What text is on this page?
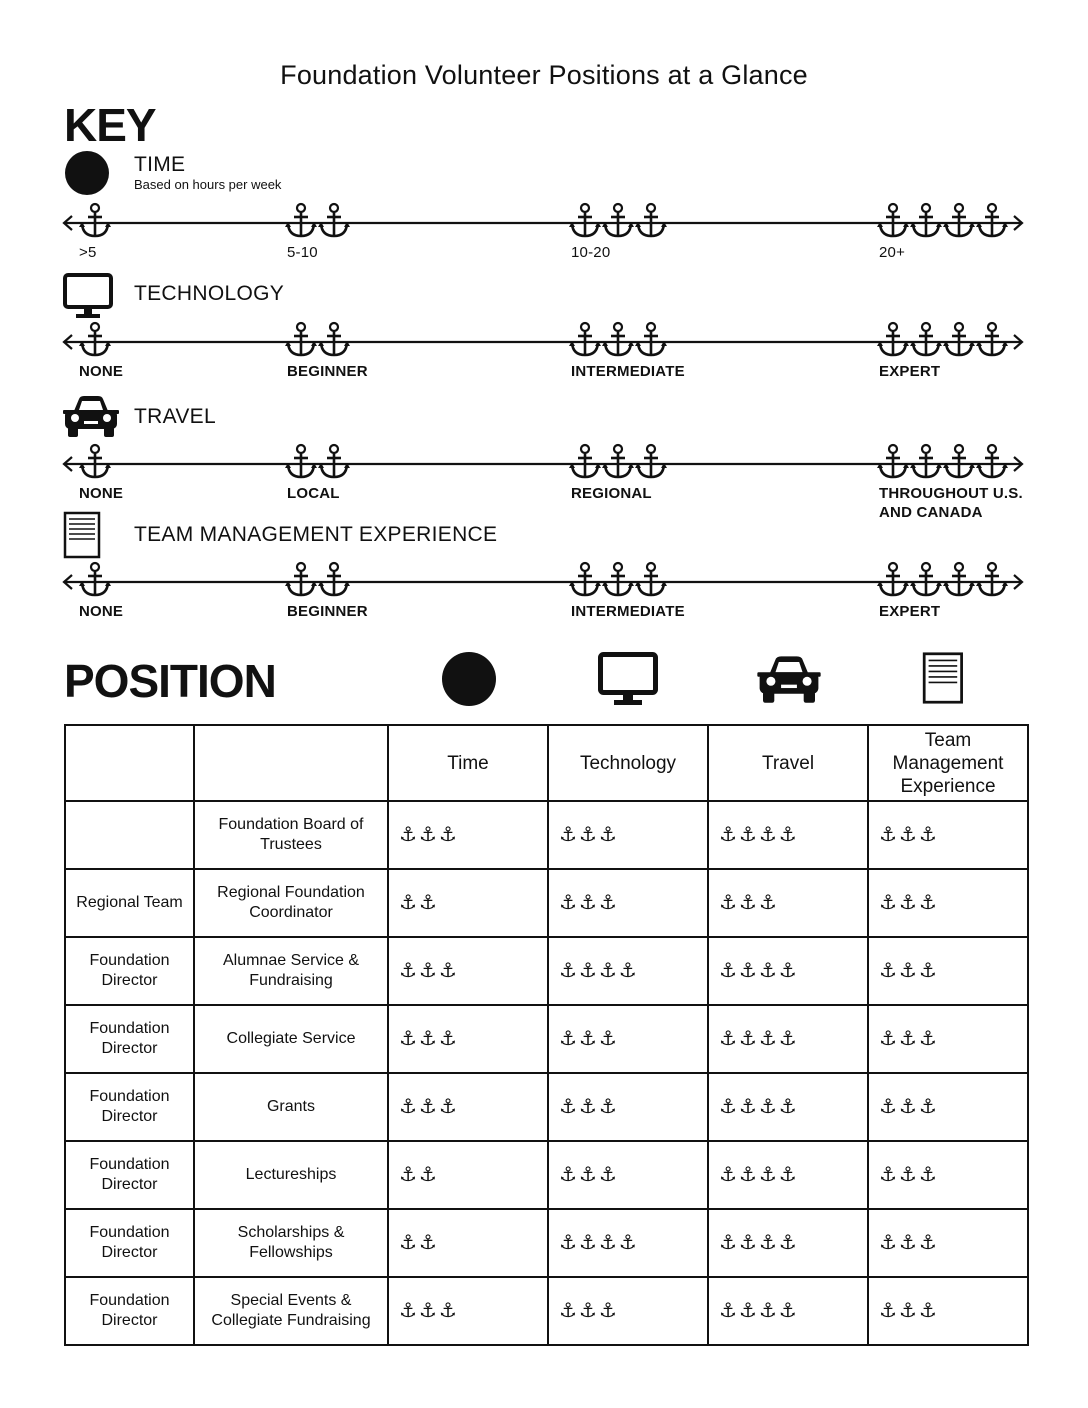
Foundation Volunteer Positions at a Glance
KEY
TIME
Based on hours per week
>5	5-10	10-20	20+
TECHNOLOGY
NONE	BEGINNER	INTERMEDIATE	EXPERT
TRAVEL
NONE	LOCAL	REGIONAL	THROUGHOUT U.S.
AND CANADA
TEAM MANAGEMENT EXPERIENCE
NONE	BEGINNER	INTERMEDIATE	EXPERT
POSITION
		Time	Technology	Travel	Team Management Experience
	Foundation Board of Trustees	⚓⚓⚓	⚓⚓⚓	⚓⚓⚓⚓	⚓⚓⚓
Regional Team	Regional Foundation Coordinator	⚓⚓	⚓⚓⚓	⚓⚓⚓	⚓⚓⚓
Foundation Director	Alumnae Service & Fundraising	⚓⚓⚓	⚓⚓⚓⚓	⚓⚓⚓⚓	⚓⚓⚓
Foundation Director	Collegiate Service	⚓⚓⚓	⚓⚓⚓	⚓⚓⚓⚓	⚓⚓⚓
Foundation Director	Grants	⚓⚓⚓	⚓⚓⚓	⚓⚓⚓⚓	⚓⚓⚓
Foundation Director	Lectureships	⚓⚓	⚓⚓⚓	⚓⚓⚓⚓	⚓⚓⚓
Foundation Director	Scholarships & Fellowships	⚓⚓	⚓⚓⚓⚓	⚓⚓⚓⚓	⚓⚓⚓
Foundation Director	Special Events & Collegiate Fundraising	⚓⚓⚓	⚓⚓⚓	⚓⚓⚓⚓	⚓⚓⚓
